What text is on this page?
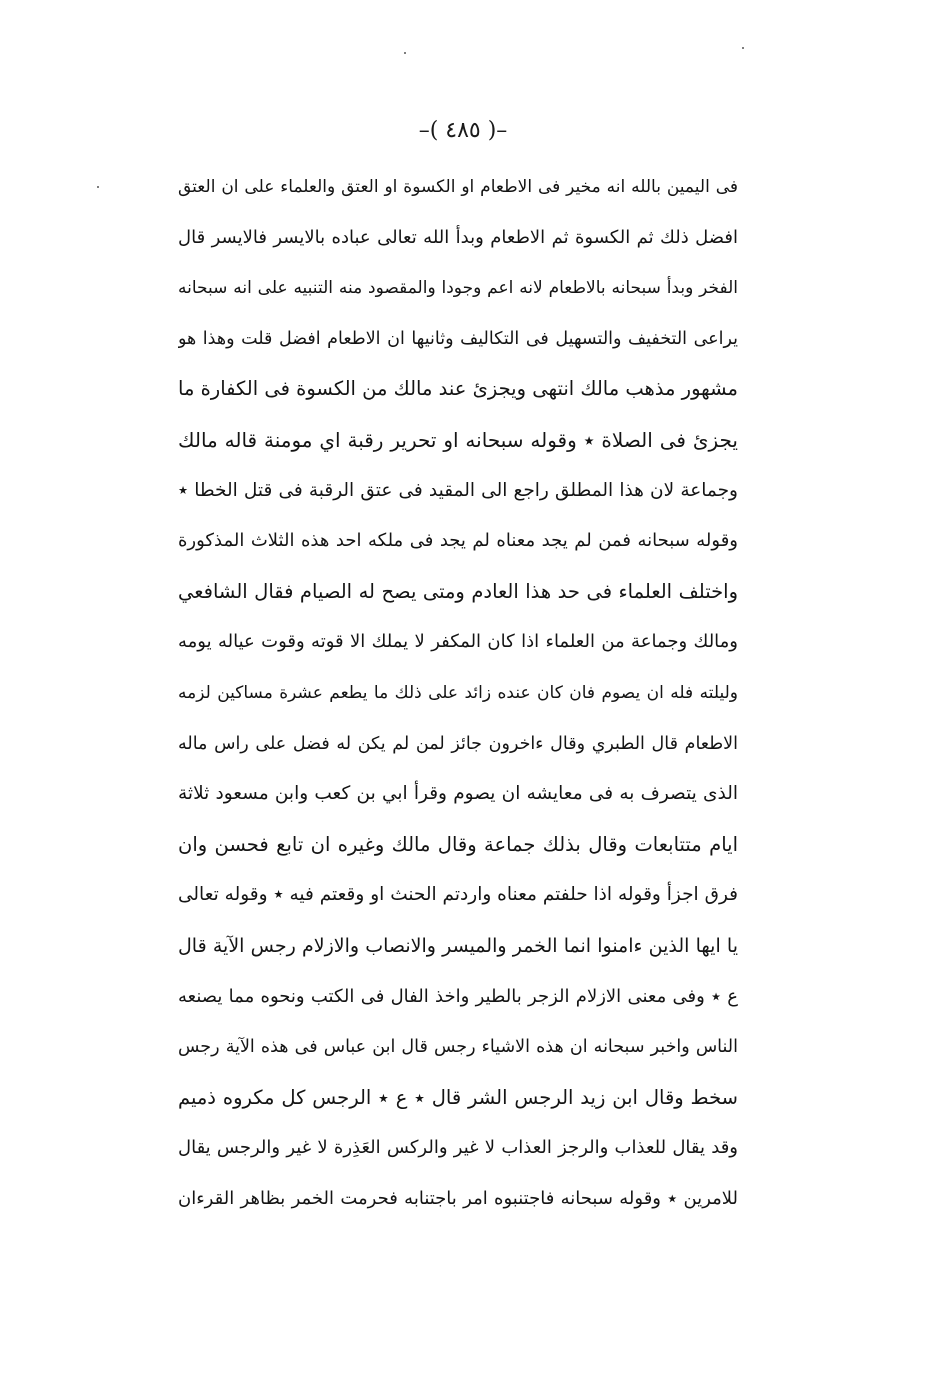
–( ٤٨٥ )–
فى اليمين بالله انه مخير فى الاطعام او الكسوة او العتق والعلماء على ان العتق
افضل ذلك ثم الكسوة ثم الاطعام وبدأ الله تعالى عباده بالايسر فالايسر قال
الفخر وبدأ سبحانه بالاطعام لانه اعم وجودا والمقصود منه التنبيه على انه سبحانه
يراعى التخفيف والتسهيل فى التكاليف وثانيها ان الاطعام افضل قلت وهذا هو
مشهور مذهب مالك انتهى ويجزئ عند مالك من الكسوة فى الكفارة ما
يجزئ فى الصلاة ٭ وقوله سبحانه او تحرير رقبة اي مومنة قاله مالك
وجماعة لان هذا المطلق راجع الى المقيد فى عتق الرقبة فى قتل الخطا ٭
وقوله سبحانه فمن لم يجد معناه لم يجد فى ملكه احد هذه الثلاث المذكورة
واختلف العلماء فى حد هذا العادم ومتى يصح له الصيام فقال الشافعي
ومالك وجماعة من العلماء اذا كان المكفر لا يملك الا قوته وقوت عياله يومه
وليلته فله ان يصوم فان كان عنده زائد على ذلك ما يطعم عشرة مساكين لزمه
الاطعام قال الطبري وقال ءاخرون جائز لمن لم يكن له فضل على راس ماله
الذى يتصرف به فى معايشه ان يصوم وقرأ ابي بن كعب وابن مسعود ثلاثة
ايام متتابعات وقال بذلك جماعة وقال مالك وغيره ان تابع فحسن وان
فرق اجزأ وقوله اذا حلفتم معناه واردتم الحنث او وقعتم فيه ٭ وقوله تعالى
يا ايها الذين ءامنوا انما الخمر والميسر والانصاب والازلام رجس الآية قال
ع ٭ وفى معنى الازلام الزجر بالطير واخذ الفال فى الكتب ونحوه مما يصنعه
الناس واخبر سبحانه ان هذه الاشياء رجس قال ابن عباس فى هذه الآية رجس
سخط وقال ابن زيد الرجس الشر قال ٭ ع ٭ الرجس كل مكروه ذميم
وقد يقال للعذاب والرجز العذاب لا غير والركس العَذِرة لا غير والرجس يقال
للامرين ٭ وقوله سبحانه فاجتنبوه امر باجتنابه فحرمت الخمر بظاهر القرءان
